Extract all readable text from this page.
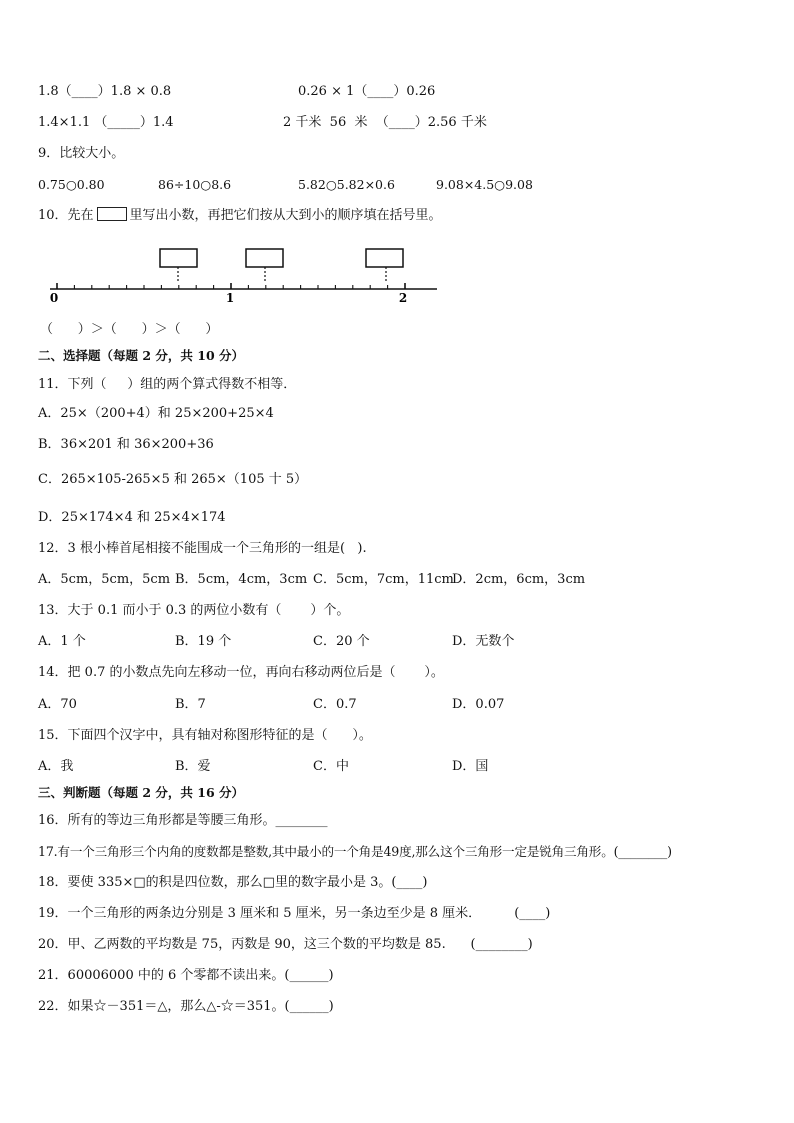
1.8（____）1.8 × 0.8	0.26 × 1（____）0.26
1.4×1.1 （_____）1.4	2 千米  56  米  （____）2.56 千米
9．比较大小。
0.75○0.80	86÷10○8.6	5.82○5.82×0.6	9.08×4.5○9.08
10．先在	里写出小数，再把它们按从大到小的顺序填在括号里。
0	1	2
（      ）＞（      ）＞（      ）
二、选择题（每题 2 分，共 10 分）
11．下列（     ）组的两个算式得数不相等．
A．25×（200+4）和 25×200+25×4
B．36×201 和 36×200+36
C．265×105-265×5 和 265×（105 十 5）
D．25×174×4 和 25×4×174
12．3 根小棒首尾相接不能围成一个三角形的一组是(   ).
A．5cm，5cm，5cm B．5cm，4cm，3cm C．5cm，7cm，11cm
D．2cm，6cm，3cm
13．大于 0.1 而小于 0.3 的两位小数有（       ）个。
A．1 个	B．19 个	C．20 个	D．无数个
14．把 0.7 的小数点先向左移动一位，再向右移动两位后是（       ）。
A．70	B．7	C．0.7	D．0.07
15．下面四个汉字中，具有轴对称图形特征的是（      ）。
A．我	B．爱	C．中	D．国
三、判断题（每题 2 分，共 16 分）
16．所有的等边三角形都是等腰三角形。________
17.有一个三角形三个内角的度数都是整数,其中最小的一个角是49度,那么这个三角形一定是锐角三角形。(________)
18．要使 335×□的积是四位数，那么□里的数字最小是 3。(____)
19．一个三角形的两条边分别是 3 厘米和 5 厘米，另一条边至少是 8 厘米．        (____)
20．甲、乙两数的平均数是 75，丙数是 90，这三个数的平均数是 85.      (________)
21．60006000 中的 6 个零都不读出来。(______)
22．如果☆－351＝△，那么△-☆＝351。(______)
